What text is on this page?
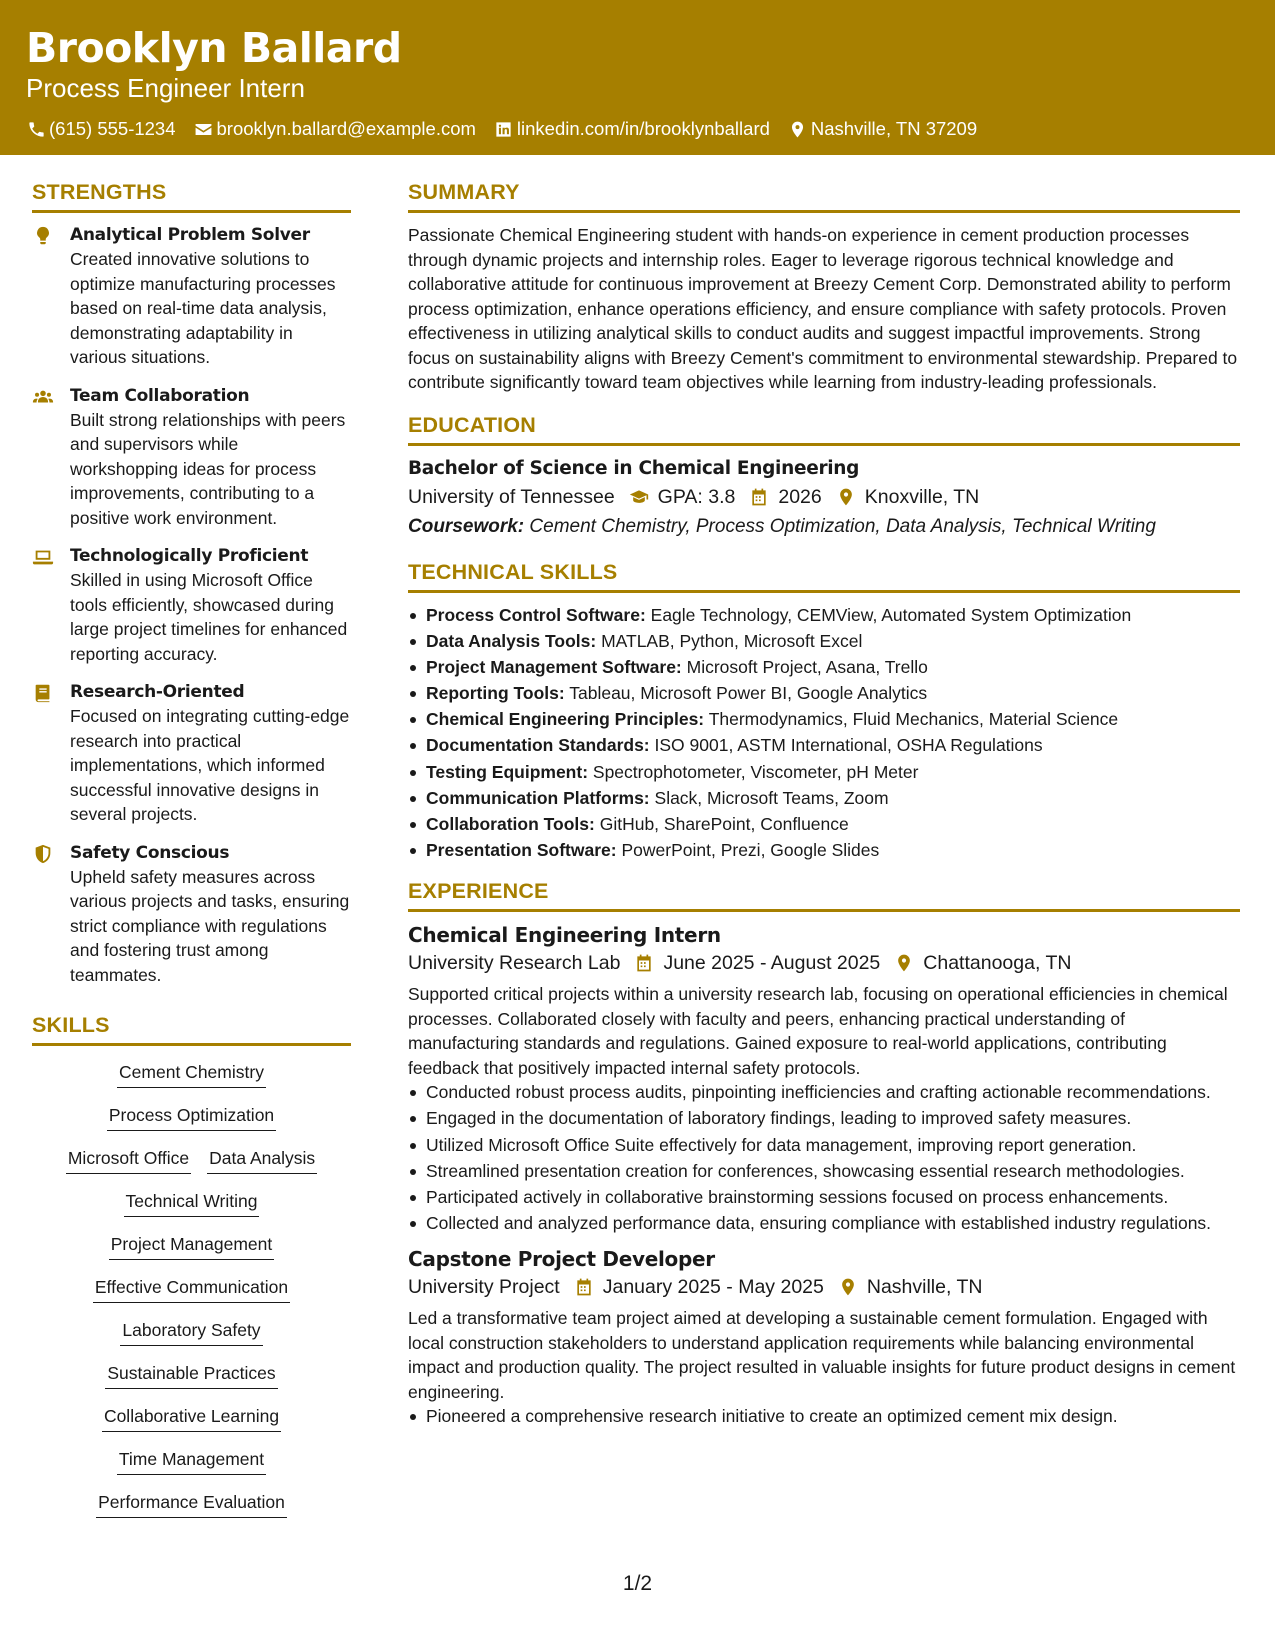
Brooklyn Ballard
Process Engineer Intern
(615) 555-1234 brooklyn.ballard@example.com linkedin.com/in/brooklynballard Nashville, TN 37209
STRENGTHS
Analytical Problem Solver
Created innovative solutions to optimize manufacturing processes based on real-time data analysis, demonstrating adaptability in various situations.
Team Collaboration
Built strong relationships with peers and supervisors while workshopping ideas for process improvements, contributing to a positive work environment.
Technologically Proficient
Skilled in using Microsoft Office tools efficiently, showcased during large project timelines for enhanced reporting accuracy.
Research-Oriented
Focused on integrating cutting-edge research into practical implementations, which informed successful innovative designs in several projects.
Safety Conscious
Upheld safety measures across various projects and tasks, ensuring strict compliance with regulations and fostering trust among teammates.
SKILLS
Cement Chemistry
Process Optimization
Microsoft Office Data Analysis
Technical Writing
Project Management
Effective Communication
Laboratory Safety
Sustainable Practices
Collaborative Learning
Time Management
Performance Evaluation
SUMMARY
Passionate Chemical Engineering student with hands-on experience in cement production processes through dynamic projects and internship roles. Eager to leverage rigorous technical knowledge and collaborative attitude for continuous improvement at Breezy Cement Corp. Demonstrated ability to perform process optimization, enhance operations efficiency, and ensure compliance with safety protocols. Proven effectiveness in utilizing analytical skills to conduct audits and suggest impactful improvements. Strong focus on sustainability aligns with Breezy Cement's commitment to environmental stewardship. Prepared to contribute significantly toward team objectives while learning from industry-leading professionals.
EDUCATION
Bachelor of Science in Chemical Engineering
University of Tennessee GPA: 3.8 2026 Knoxville, TN
Coursework: Cement Chemistry, Process Optimization, Data Analysis, Technical Writing
TECHNICAL SKILLS
Process Control Software: Eagle Technology, CEMView, Automated System Optimization
Data Analysis Tools: MATLAB, Python, Microsoft Excel
Project Management Software: Microsoft Project, Asana, Trello
Reporting Tools: Tableau, Microsoft Power BI, Google Analytics
Chemical Engineering Principles: Thermodynamics, Fluid Mechanics, Material Science
Documentation Standards: ISO 9001, ASTM International, OSHA Regulations
Testing Equipment: Spectrophotometer, Viscometer, pH Meter
Communication Platforms: Slack, Microsoft Teams, Zoom
Collaboration Tools: GitHub, SharePoint, Confluence
Presentation Software: PowerPoint, Prezi, Google Slides
EXPERIENCE
Chemical Engineering Intern
University Research Lab June 2025 - August 2025 Chattanooga, TN
Supported critical projects within a university research lab, focusing on operational efficiencies in chemical processes. Collaborated closely with faculty and peers, enhancing practical understanding of manufacturing standards and regulations. Gained exposure to real-world applications, contributing feedback that positively impacted internal safety protocols.
Conducted robust process audits, pinpointing inefficiencies and crafting actionable recommendations.
Engaged in the documentation of laboratory findings, leading to improved safety measures.
Utilized Microsoft Office Suite effectively for data management, improving report generation.
Streamlined presentation creation for conferences, showcasing essential research methodologies.
Participated actively in collaborative brainstorming sessions focused on process enhancements.
Collected and analyzed performance data, ensuring compliance with established industry regulations.
Capstone Project Developer
University Project January 2025 - May 2025 Nashville, TN
Led a transformative team project aimed at developing a sustainable cement formulation. Engaged with local construction stakeholders to understand application requirements while balancing environmental impact and production quality. The project resulted in valuable insights for future product designs in cement engineering.
Pioneered a comprehensive research initiative to create an optimized cement mix design.
1/2
